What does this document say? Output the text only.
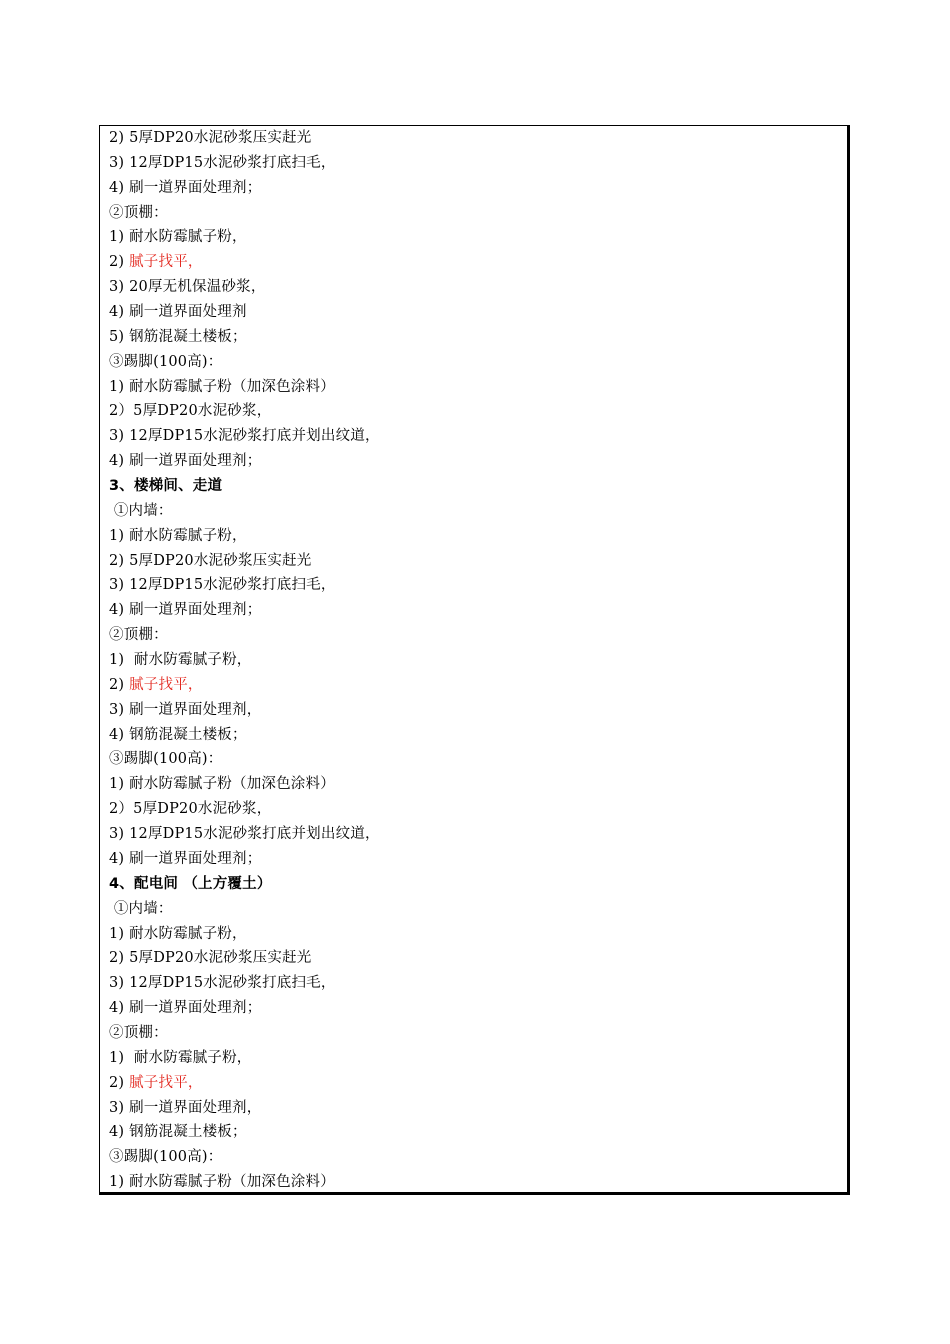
2) 5厚DP20水泥砂浆压实赶光
3) 12厚DP15水泥砂浆打底扫毛，
4) 刷一道界面处理剂；
②顶棚：
1) 耐水防霉腻子粉，
2) 腻子找平，
3) 20厚无机保温砂浆，
4) 刷一道界面处理剂
5) 钢筋混凝土楼板；
③踢脚(100高)：
1) 耐水防霉腻子粉（加深色涂料）
2）5厚DP20水泥砂浆，
3) 12厚DP15水泥砂浆打底并划出纹道，
4) 刷一道界面处理剂；
3、楼梯间、走道
①内墙：
1) 耐水防霉腻子粉，
2) 5厚DP20水泥砂浆压实赶光
3) 12厚DP15水泥砂浆打底扫毛，
4) 刷一道界面处理剂；
②顶棚：
1)  耐水防霉腻子粉，
2) 腻子找平，
3) 刷一道界面处理剂，
4) 钢筋混凝土楼板；
③踢脚(100高)：
1) 耐水防霉腻子粉（加深色涂料）
2）5厚DP20水泥砂浆，
3) 12厚DP15水泥砂浆打底并划出纹道，
4) 刷一道界面处理剂；
4、配电间 （上方覆土）
①内墙：
1) 耐水防霉腻子粉，
2) 5厚DP20水泥砂浆压实赶光
3) 12厚DP15水泥砂浆打底扫毛，
4) 刷一道界面处理剂；
②顶棚：
1)  耐水防霉腻子粉，
2) 腻子找平，
3) 刷一道界面处理剂，
4) 钢筋混凝土楼板；
③踢脚(100高)：
1) 耐水防霉腻子粉（加深色涂料）
